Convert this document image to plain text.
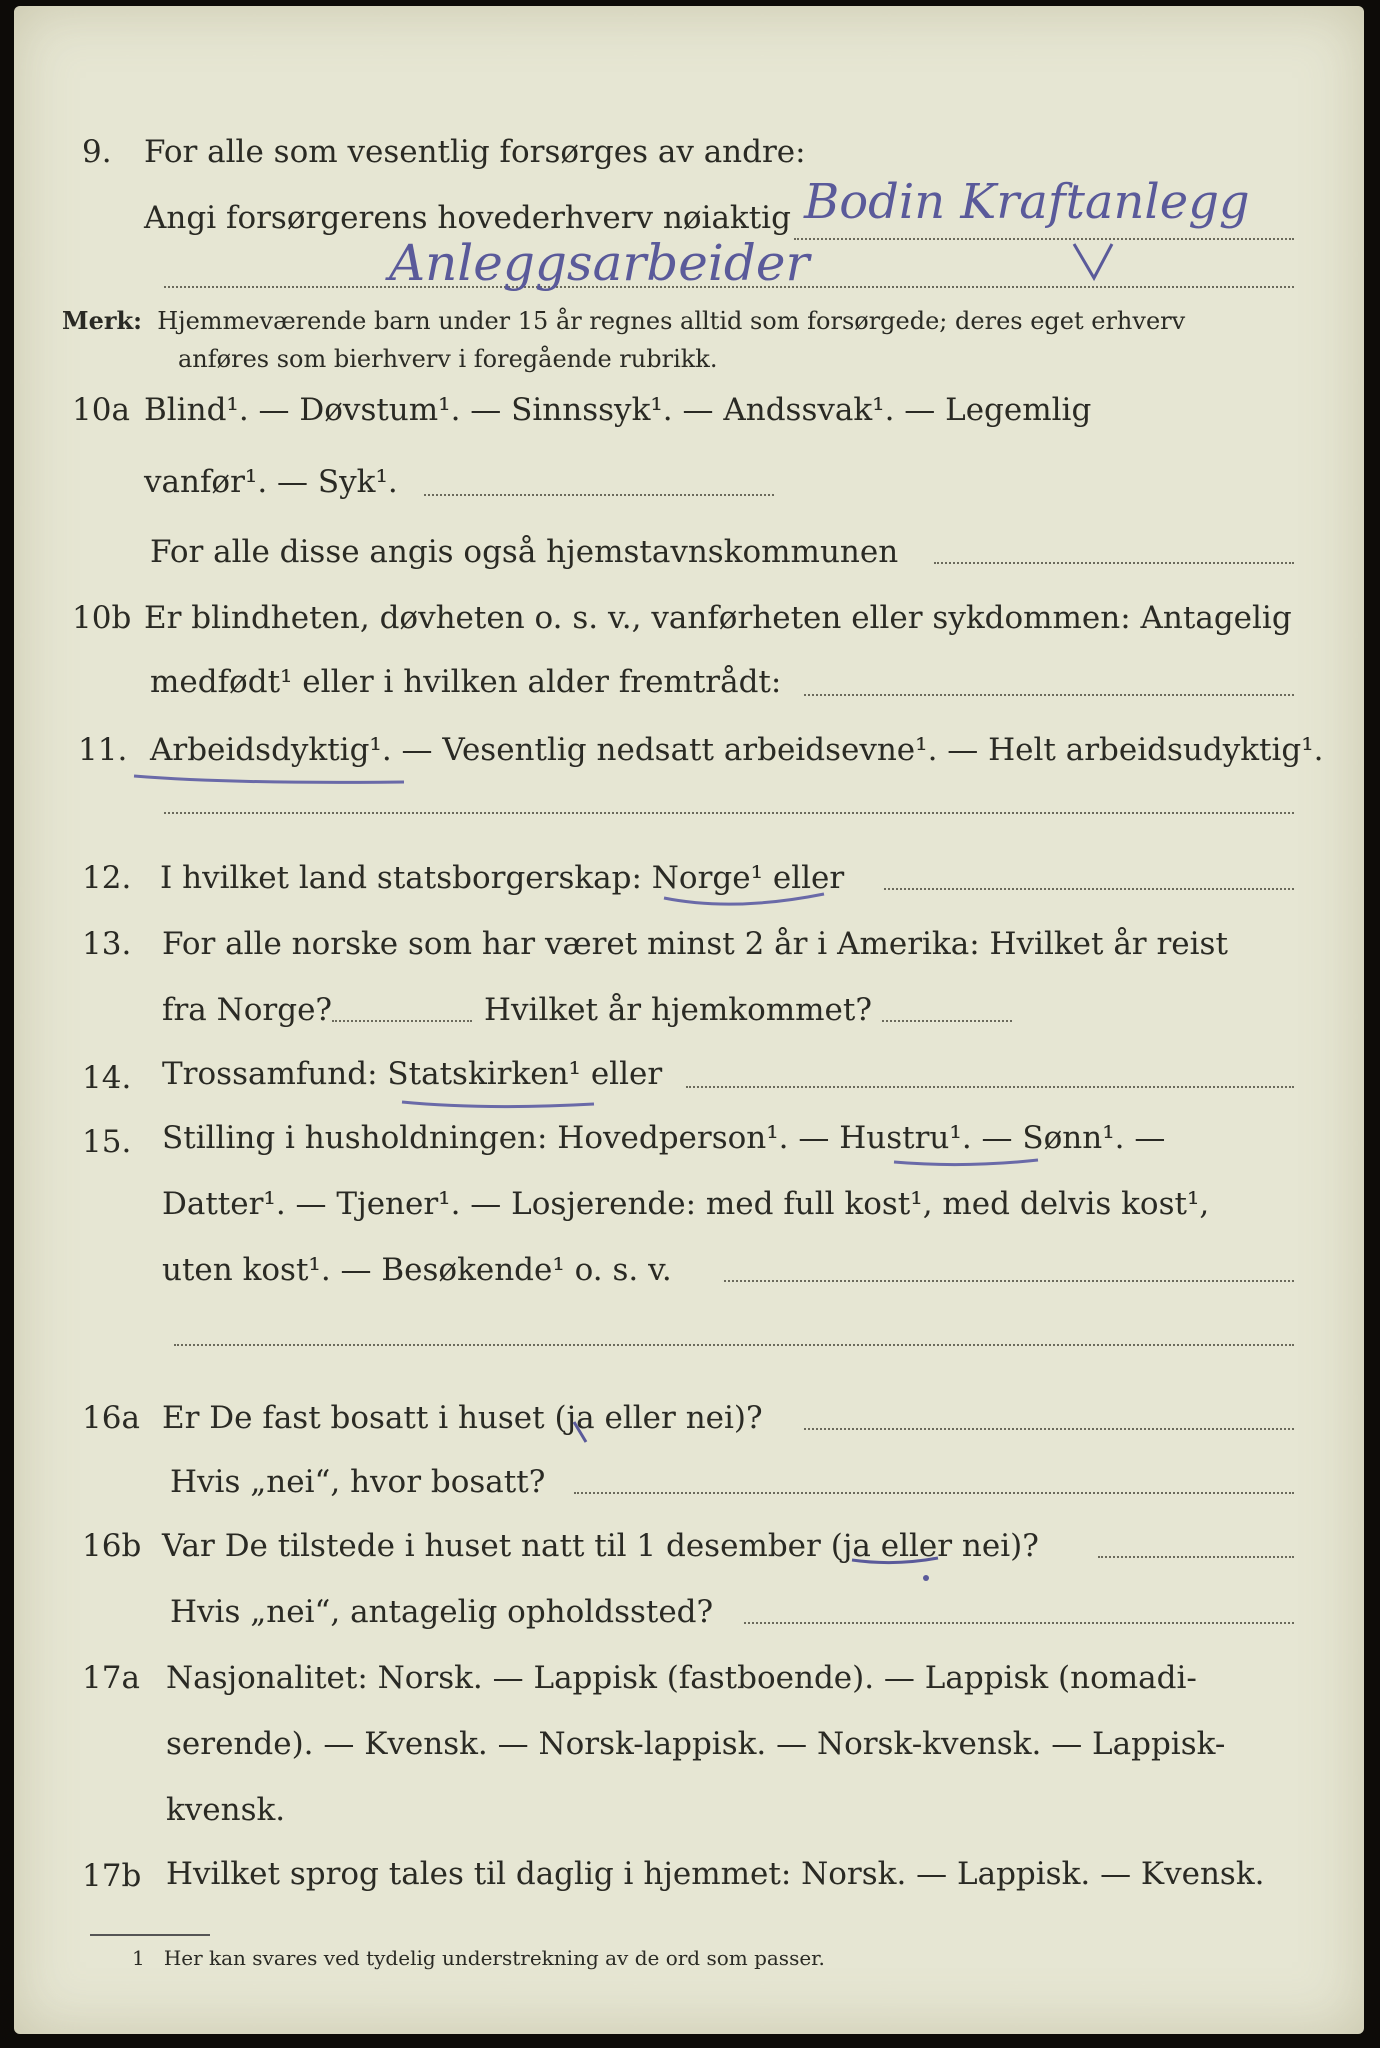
9. For alle som vesentlig forsørges av andre:
Angi forsørgerens hovederhverv nøiaktig Bodin Kraftanlegg
Anleggsarbeider
Merk: Hjemmeværende barn under 15 år regnes alltid som forsørgede; deres eget erhverv
anføres som bierhverv i foregående rubrikk.
10a Blind¹. — Døvstum¹. — Sinnssyk¹. — Andssvak¹. — Legemlig
vanfør¹. — Syk¹.
For alle disse angis også hjemstavnskommunen
10b Er blindheten, døvheten o. s. v., vanførheten eller sykdommen: Antagelig
medfødt¹ eller i hvilken alder fremtrådt:
11. Arbeidsdyktig¹. — Vesentlig nedsatt arbeidsevne¹. — Helt arbeidsudyktig¹.
12. I hvilket land statsborgerskap: Norge¹ eller
13. For alle norske som har været minst 2 år i Amerika: Hvilket år reist
fra Norge?	Hvilket år hjemkommet?
14. Trossamfund: Statskirken¹ eller
15. Stilling i husholdningen: Hovedperson¹. — Hustru¹. — Sønn¹. —
Datter¹. — Tjener¹. — Losjerende: med full kost¹, med delvis kost¹,
uten kost¹. — Besøkende¹ o. s. v.
16a Er De fast bosatt i huset (ja eller nei)?
Hvis „nei“, hvor bosatt?
16b Var De tilstede i huset natt til 1 desember (ja eller nei)?
Hvis „nei“, antagelig opholdssted?
17a Nasjonalitet: Norsk. — Lappisk (fastboende). — Lappisk (nomadi-
serende). — Kvensk. — Norsk-lappisk. — Norsk-kvensk. — Lappisk-
kvensk.
17b Hvilket sprog tales til daglig i hjemmet: Norsk. — Lappisk. — Kvensk.
1 Her kan svares ved tydelig understrekning av de ord som passer.
